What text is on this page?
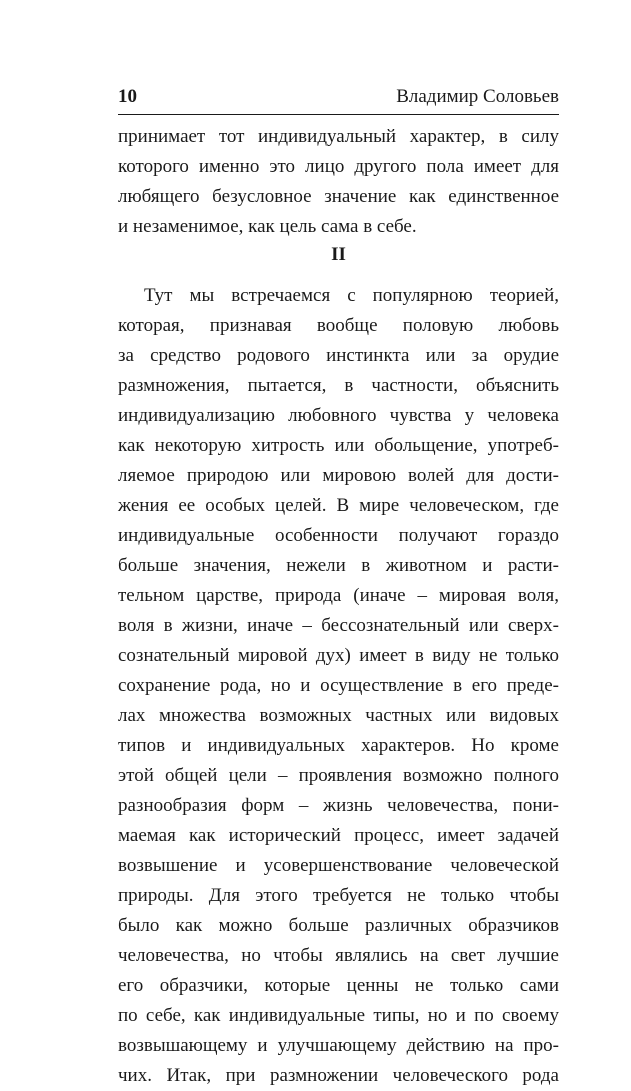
10	Владимир Соловьев
принимает тот индивидуальный характер, в силу
которого именно это лицо другого пола имеет для
любящего безусловное значение как единственное
и незаменимое, как цель сама в себе.
II
Тут мы встречаемся с популярною теорией,
которая, признавая вообще половую любовь
за средство родового инстинкта или за орудие
размножения, пытается, в частности, объяснить
индивидуализацию любовного чувства у человека
как некоторую хитрость или обольщение, употреб-
ляемое природою или мировою волей для дости-
жения ее особых целей. В мире человеческом, где
индивидуальные особенности получают гораздо
больше значения, нежели в животном и расти-
тельном царстве, природа (иначе – мировая воля,
воля в жизни, иначе – бессознательный или сверх-
сознательный мировой дух) имеет в виду не только
сохранение рода, но и осуществление в его преде-
лах множества возможных частных или видовых
типов и индивидуальных характеров. Но кроме
этой общей цели – проявления возможно полного
разнообразия форм – жизнь человечества, пони-
маемая как исторический процесс, имеет задачей
возвышение и усовершенствование человеческой
природы. Для этого требуется не только чтобы
было как можно больше различных образчиков
человечества, но чтобы являлись на свет лучшие
его образчики, которые ценны не только сами
по себе, как индивидуальные типы, но и по своему
возвышающему и улучшающему действию на про-
чих. Итак, при размножении человеческого рода
